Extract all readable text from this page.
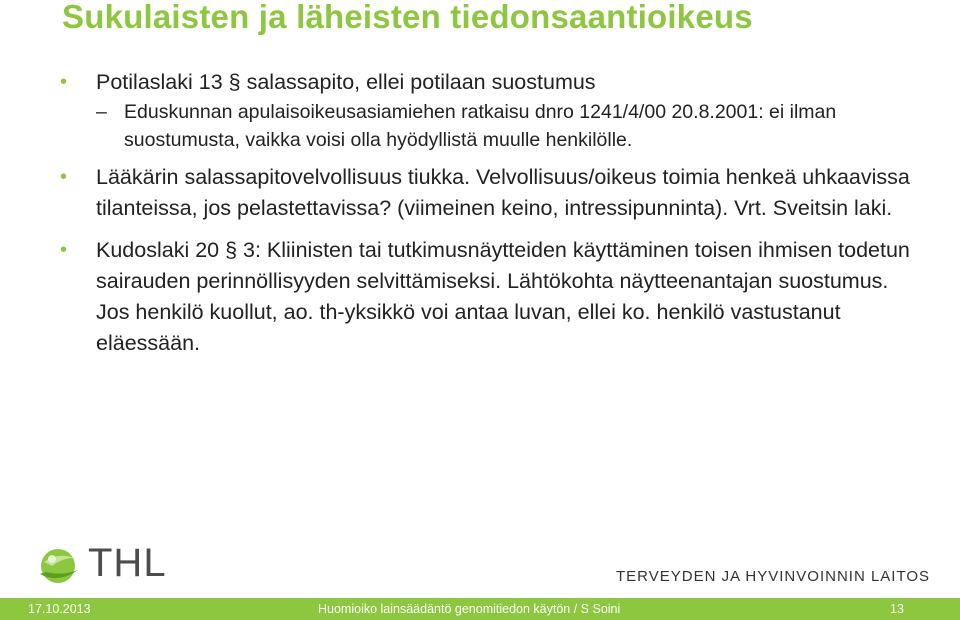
Sukulaisten ja läheisten tiedonsaantioikeus
• Potilaslaki 13 § salassapito, ellei potilaan suostumus
– Eduskunnan apulaisoikeusasiamiehen ratkaisu dnro 1241/4/00 20.8.2001: ei ilman suostumusta, vaikka voisi olla hyödyllistä muulle henkilölle.
• Lääkärin salassapitovelvollisuus tiukka. Velvollisuus/oikeus toimia henkeä uhkaavissa tilanteissa, jos pelastettavissa? (viimeinen keino, intressipunninta). Vrt. Sveitsin laki.
• Kudoslaki 20 § 3: Kliinisten tai tutkimusnäytteiden käyttäminen toisen ihmisen todetun sairauden perinnöllisyyden selvittämiseksi. Lähtökohta näytteenantajan suostumus. Jos henkilö kuollut, ao. th-yksikkö voi antaa luvan, ellei ko. henkilö vastustanut eläessään.
THL	TERVEYDEN JA HYVINVOINNIN LAITOS
17.10.2013	Huomioiko lainsäädäntö genomitiedon käytön / S Soini	13
